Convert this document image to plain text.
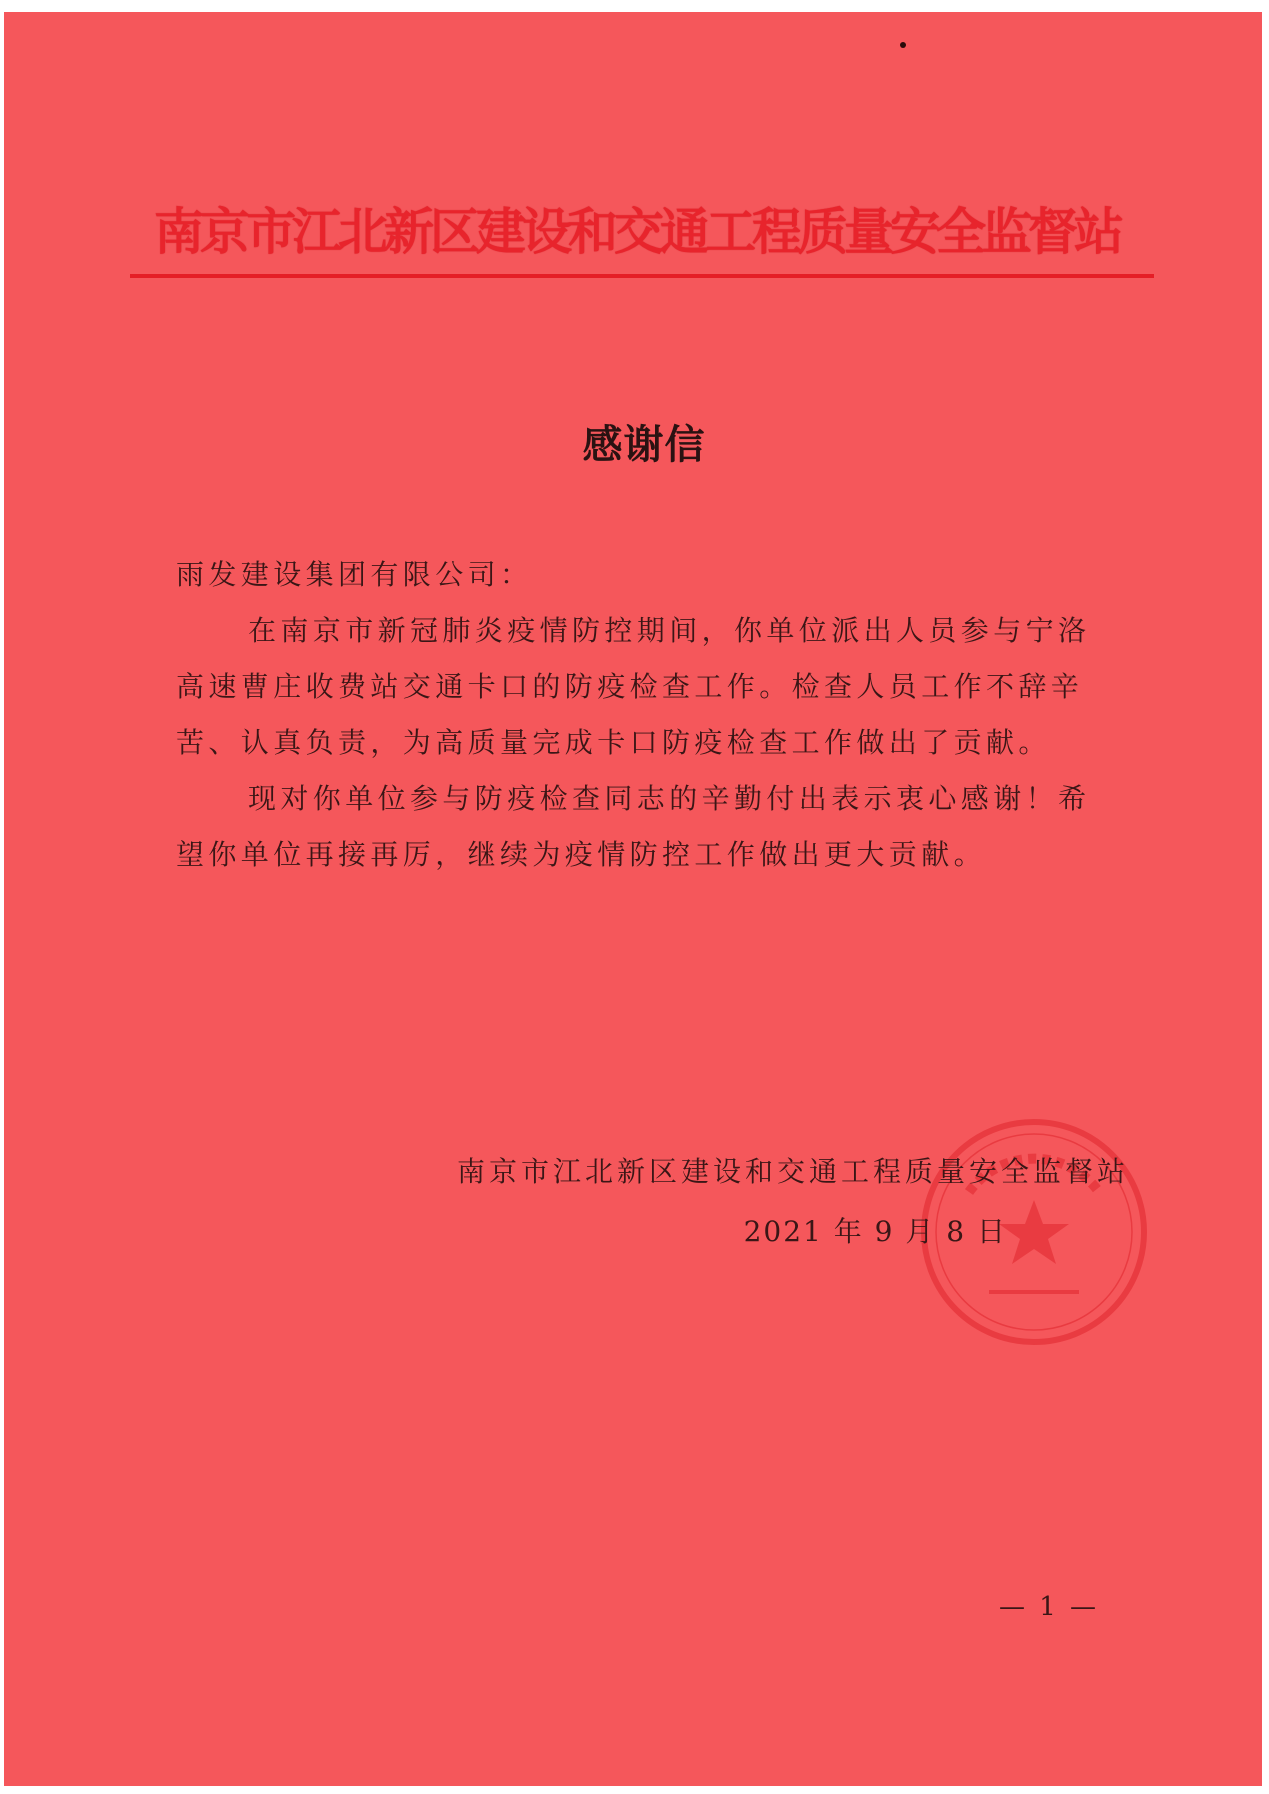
南京市江北新区建设和交通工程质量安全监督站
感谢信
雨发建设集团有限公司：
在南京市新冠肺炎疫情防控期间，你单位派出人员参与宁洛
高速曹庄收费站交通卡口的防疫检查工作。检查人员工作不辞辛
苦、认真负责，为高质量完成卡口防疫检查工作做出了贡献。
现对你单位参与防疫检查同志的辛勤付出表示衷心感谢！希
望你单位再接再厉，继续为疫情防控工作做出更大贡献。
南京市江北新区建设和交通工程质量安全监督站
2021 年 9 月 8 日
— 1 —
